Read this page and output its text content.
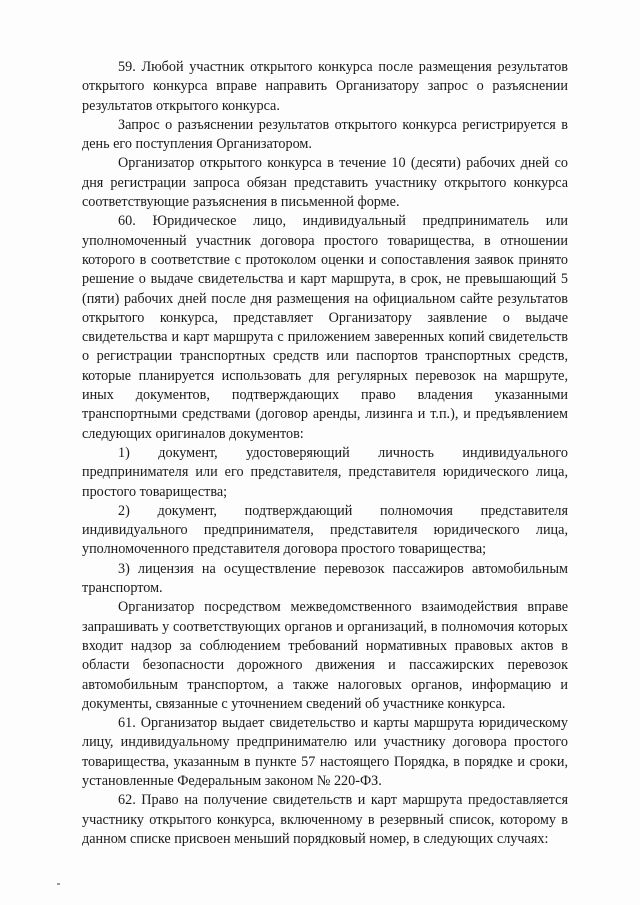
59. Любой участник открытого конкурса после размещения результатов открытого конкурса вправе направить Организатору запрос о разъяснении результатов открытого конкурса.

Запрос о разъяснении результатов открытого конкурса регистрируется в день его поступления Организатором.

Организатор открытого конкурса в течение 10 (десяти) рабочих дней со дня регистрации запроса обязан представить участнику открытого конкурса соответствующие разъяснения в письменной форме.

60. Юридическое лицо, индивидуальный предприниматель или уполномоченный участник договора простого товарищества, в отношении которого в соответствие с протоколом оценки и сопоставления заявок принято решение о выдаче свидетельства и карт маршрута, в срок, не превышающий 5 (пяти) рабочих дней после дня размещения на официальном сайте результатов открытого конкурса, представляет Организатору заявление о выдаче свидетельства и карт маршрута с приложением заверенных копий свидетельств о регистрации транспортных средств или паспортов транспортных средств, которые планируется использовать для регулярных перевозок на маршруте, иных документов, подтверждающих право владения указанными транспортными средствами (договор аренды, лизинга и т.п.), и предъявлением следующих оригиналов документов:

1) документ, удостоверяющий личность индивидуального предпринимателя или его представителя, представителя юридического лица, простого товарищества;

2) документ, подтверждающий полномочия представителя индивидуального предпринимателя, представителя юридического лица, уполномоченного представителя договора простого товарищества;

3) лицензия на осуществление перевозок пассажиров автомобильным транспортом.

Организатор посредством межведомственного взаимодействия вправе запрашивать у соответствующих органов и организаций, в полномочия которых входит надзор за соблюдением требований нормативных правовых актов в области безопасности дорожного движения и пассажирских перевозок автомобильным транспортом, а также налоговых органов, информацию и документы, связанные с уточнением сведений об участнике конкурса.

61. Организатор выдает свидетельство и карты маршрута юридическому лицу, индивидуальному предпринимателю или участнику договора простого товарищества, указанным в пункте 57 настоящего Порядка, в порядке и сроки, установленные Федеральным законом № 220-ФЗ.

62. Право на получение свидетельств и карт маршрута предоставляется участнику открытого конкурса, включенному в резервный список, которому в данном списке присвоен меньший порядковый номер, в следующих случаях:
